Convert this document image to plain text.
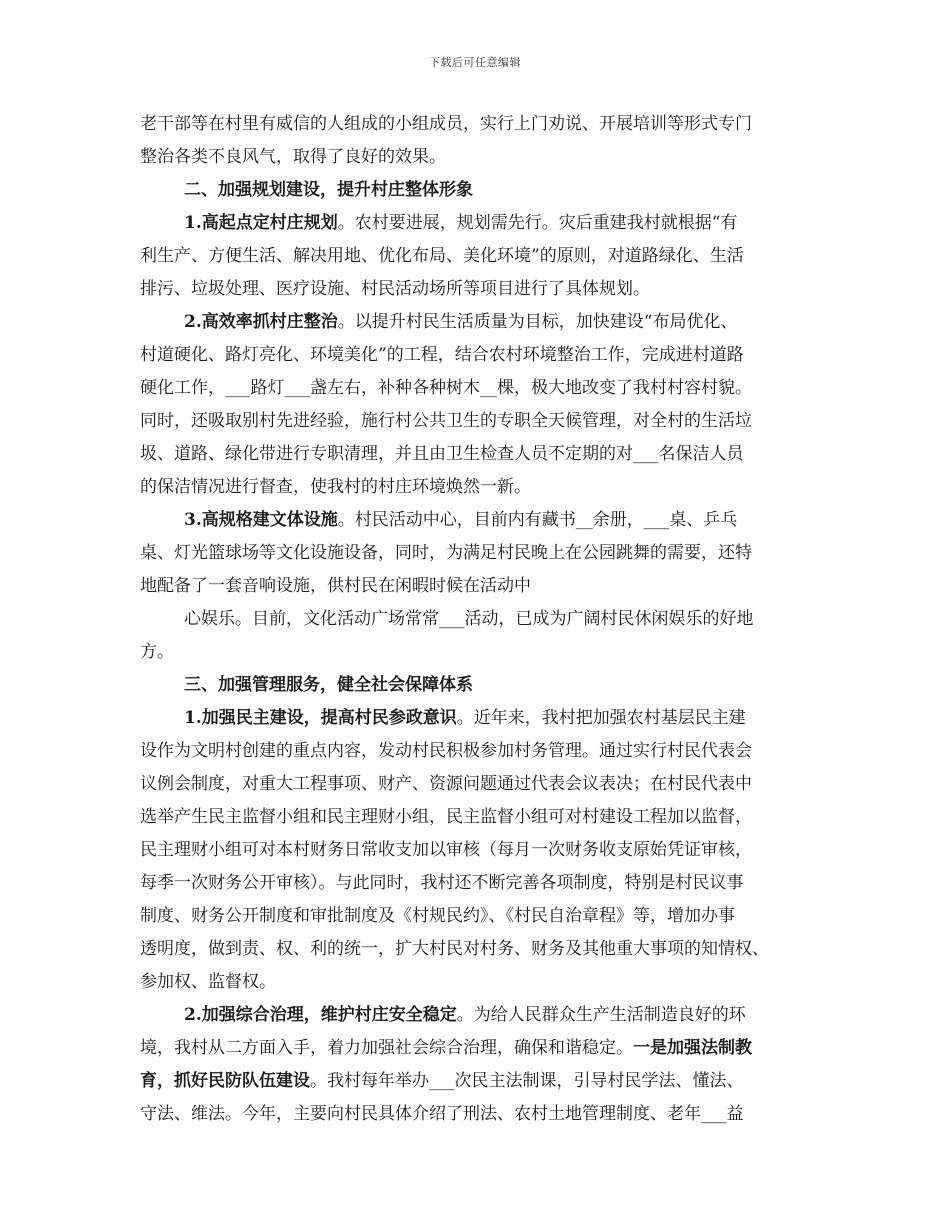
下载后可任意编辑
老干部等在村里有威信的人组成的小组成员，实行上门劝说、开展培训等形式专门
整治各类不良风气，取得了良好的效果。
二、加强规划建设，提升村庄整体形象
1.高起点定村庄规划。农村要进展，规划需先行。灾后重建我村就根据“有
利生产、方便生活、解决用地、优化布局、美化环境”的原则，对道路绿化、生活
排污、垃圾处理、医疗设施、村民活动场所等项目进行了具体规划。
2.高效率抓村庄整治。以提升村民生活质量为目标，加快建设“布局优化、
村道硬化、路灯亮化、环境美化”的工程，结合农村环境整治工作，完成进村道路
硬化工作，___路灯___盏左右，补种各种树木__棵，极大地改变了我村村容村貌。
同时，还吸取别村先进经验，施行村公共卫生的专职全天候管理，对全村的生活垃
圾、道路、绿化带进行专职清理，并且由卫生检查人员不定期的对___名保洁人员
的保洁情况进行督查，使我村的村庄环境焕然一新。
3.高规格建文体设施。村民活动中心，目前内有藏书__余册，___桌、乒乓
桌、灯光篮球场等文化设施设备，同时，为满足村民晚上在公园跳舞的需要，还特
地配备了一套音响设施，供村民在闲暇时候在活动中
心娱乐。目前，文化活动广场常常___活动，已成为广阔村民休闲娱乐的好地
方。
三、加强管理服务，健全社会保障体系
1.加强民主建设，提高村民参政意识。近年来，我村把加强农村基层民主建
设作为文明村创建的重点内容，发动村民积极参加村务管理。通过实行村民代表会
议例会制度，对重大工程事项、财产、资源问题通过代表会议表决；在村民代表中
选举产生民主监督小组和民主理财小组，民主监督小组可对村建设工程加以监督，
民主理财小组可对本村财务日常收支加以审核（每月一次财务收支原始凭证审核，
每季一次财务公开审核）。与此同时，我村还不断完善各项制度，特别是村民议事
制度、财务公开制度和审批制度及《村规民约》、《村民自治章程》等，增加办事
透明度，做到责、权、利的统一，扩大村民对村务、财务及其他重大事项的知情权、
参加权、监督权。
2.加强综合治理，维护村庄安全稳定。为给人民群众生产生活制造良好的环
境，我村从二方面入手，着力加强社会综合治理，确保和谐稳定。一是加强法制教
育，抓好民防队伍建设。我村每年举办___次民主法制课，引导村民学法、懂法、
守法、维法。今年，主要向村民具体介绍了刑法、农村土地管理制度、老年___益
